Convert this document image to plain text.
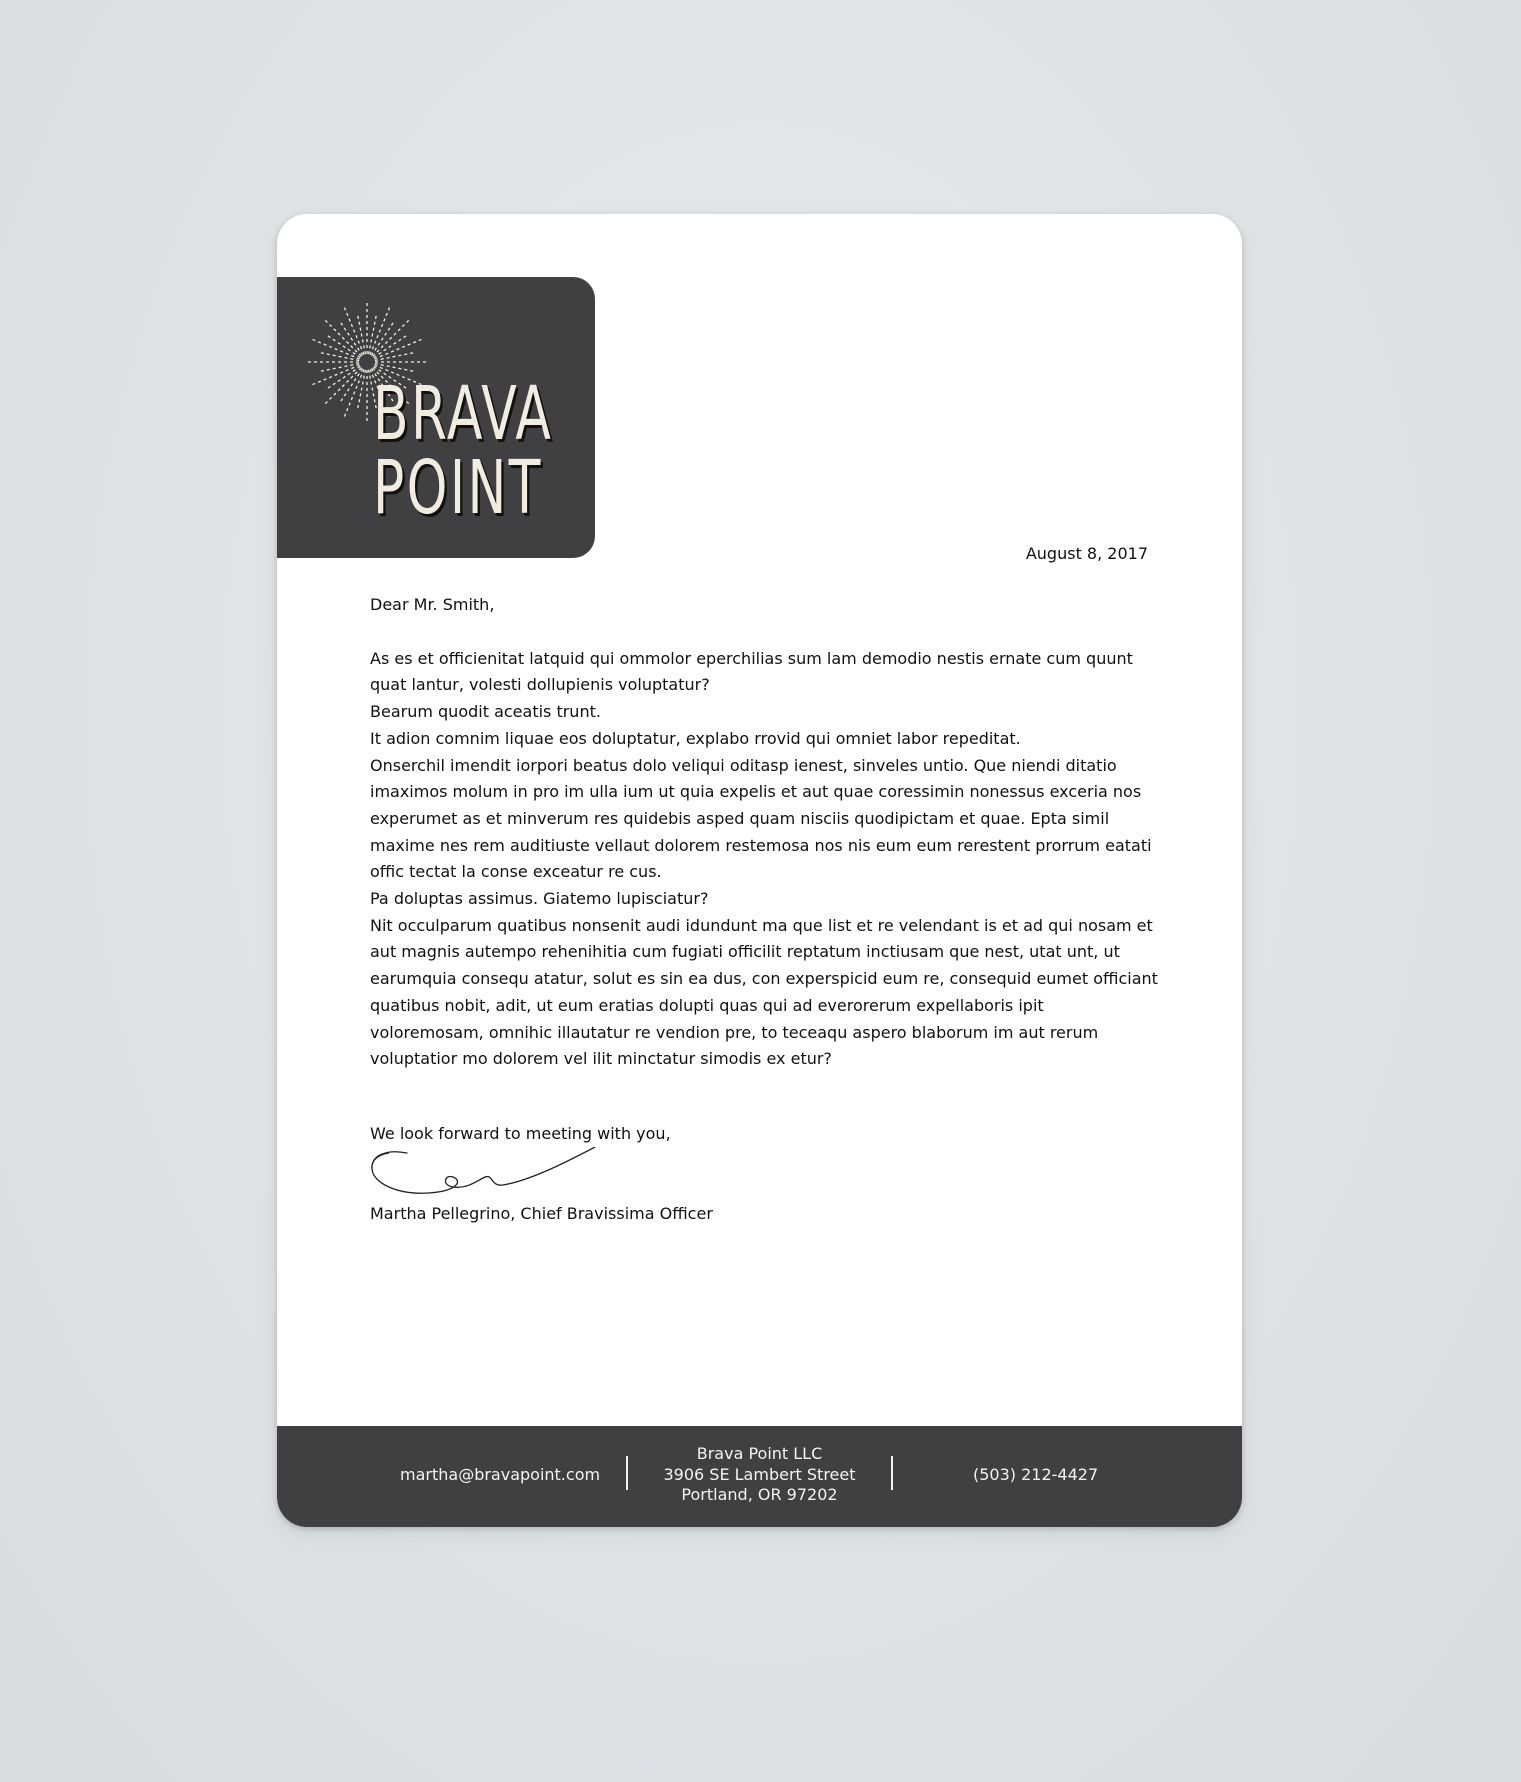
BRAVA
POINT
August 8, 2017

Dear Mr. Smith,

As es et officienitat latquid qui ommolor eperchilias sum lam demodio nestis ernate cum quunt quat lantur, volesti dollupienis voluptatur?

Bearum quodit aceatis trunt.

It adion comnim liquae eos doluptatur, explabo rrovid qui omniet labor repeditat.

Onserchil imendit iorpori beatus dolo veliqui oditasp ienest, sinveles untio. Que niendi ditatio imaximos molum in pro im ulla ium ut quia expelis et aut quae coressimin nonessus exceria nos experumet as et minverum res quidebis asped quam nisciis quodipictam et quae. Epta simil maxime nes rem auditiuste vellaut dolorem restemosa nos nis eum eum rerestent prorrum eatati offic tectat la conse exceatur re cus.

Pa doluptas assimus. Giatemo lupisciatur?

Nit occulparum quatibus nonsenit audi idundunt ma que list et re velendant is et ad qui nosam et aut magnis autempo rehenihitia cum fugiati officilit reptatum inctiusam que nest, utat unt, ut earumquia consequ atatur, solut es sin ea dus, con experspicid eum re, consequid eumet officiant quatibus nobit, adit, ut eum eratias dolupti quas qui ad everorerum expellaboris ipit voloremosam, omnihic illautatur re vendion pre, to teceaqu aspero blaborum im aut rerum voluptatior mo dolorem vel ilit minctatur simodis ex etur?

We look forward to meeting with you,
Martha Pellegrino, Chief Bravissima Officer
martha@bravapoint.com
Brava Point LLC
3906 SE Lambert Street
Portland, OR 97202
(503) 212-4427
